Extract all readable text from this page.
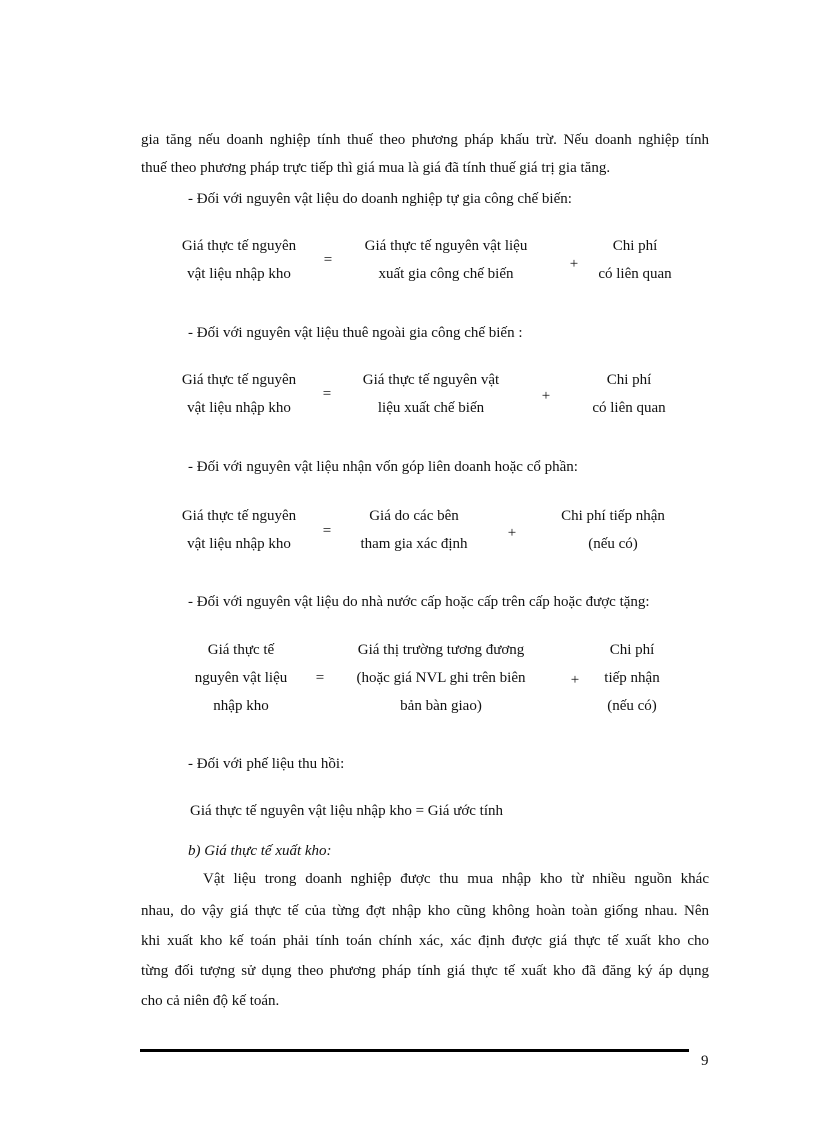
gia tăng nếu doanh nghiệp tính thuế theo phương pháp khấu trừ. Nếu doanh nghiệp tính
thuế theo phương pháp trực tiếp thì giá mua là giá đã tính thuế giá trị gia tăng.
- Đối với nguyên vật liệu do doanh nghiệp tự gia công chế biến:
Giá thực tế nguyên
vật liệu nhập kho
=
Giá thực tế nguyên vật liệu
xuất gia công chế biến
+
Chi phí
có liên quan
- Đối với nguyên vật liệu thuê ngoài gia công chế biến :
Giá thực tế nguyên
vật liệu nhập kho
=
Giá thực tế nguyên vật
liệu xuất chế biến
+
Chi phí
có liên quan
- Đối với nguyên vật liệu nhận vốn góp liên doanh hoặc cổ phần:
Giá thực tế nguyên
vật liệu nhập kho
=
Giá do các bên
tham gia xác định
+
Chi phí tiếp nhận
(nếu có)
- Đối với nguyên vật liệu do nhà nước cấp hoặc cấp trên cấp hoặc được tặng:
Giá thực tế
nguyên vật liệu
nhập kho
=
Giá thị trường tương đương
(hoặc giá NVL ghi trên biên
bản bàn giao)
+
Chi phí
tiếp nhận
(nếu có)
- Đối với phế liệu thu hồi:
Giá thực tế nguyên vật liệu nhập kho = Giá ước tính
b) Giá thực tế xuất kho:
Vật liệu trong doanh nghiệp được thu mua nhập kho từ nhiều nguồn khác
nhau, do vậy giá thực tế của từng đợt nhập kho cũng không hoàn toàn giống nhau. Nên
khi xuất kho kế toán phải tính toán chính xác, xác định được giá thực tế xuất kho cho
từng đối tượng sử dụng theo phương pháp tính giá thực tế xuất kho đã đăng ký áp dụng
cho cả niên độ kế toán.
9
